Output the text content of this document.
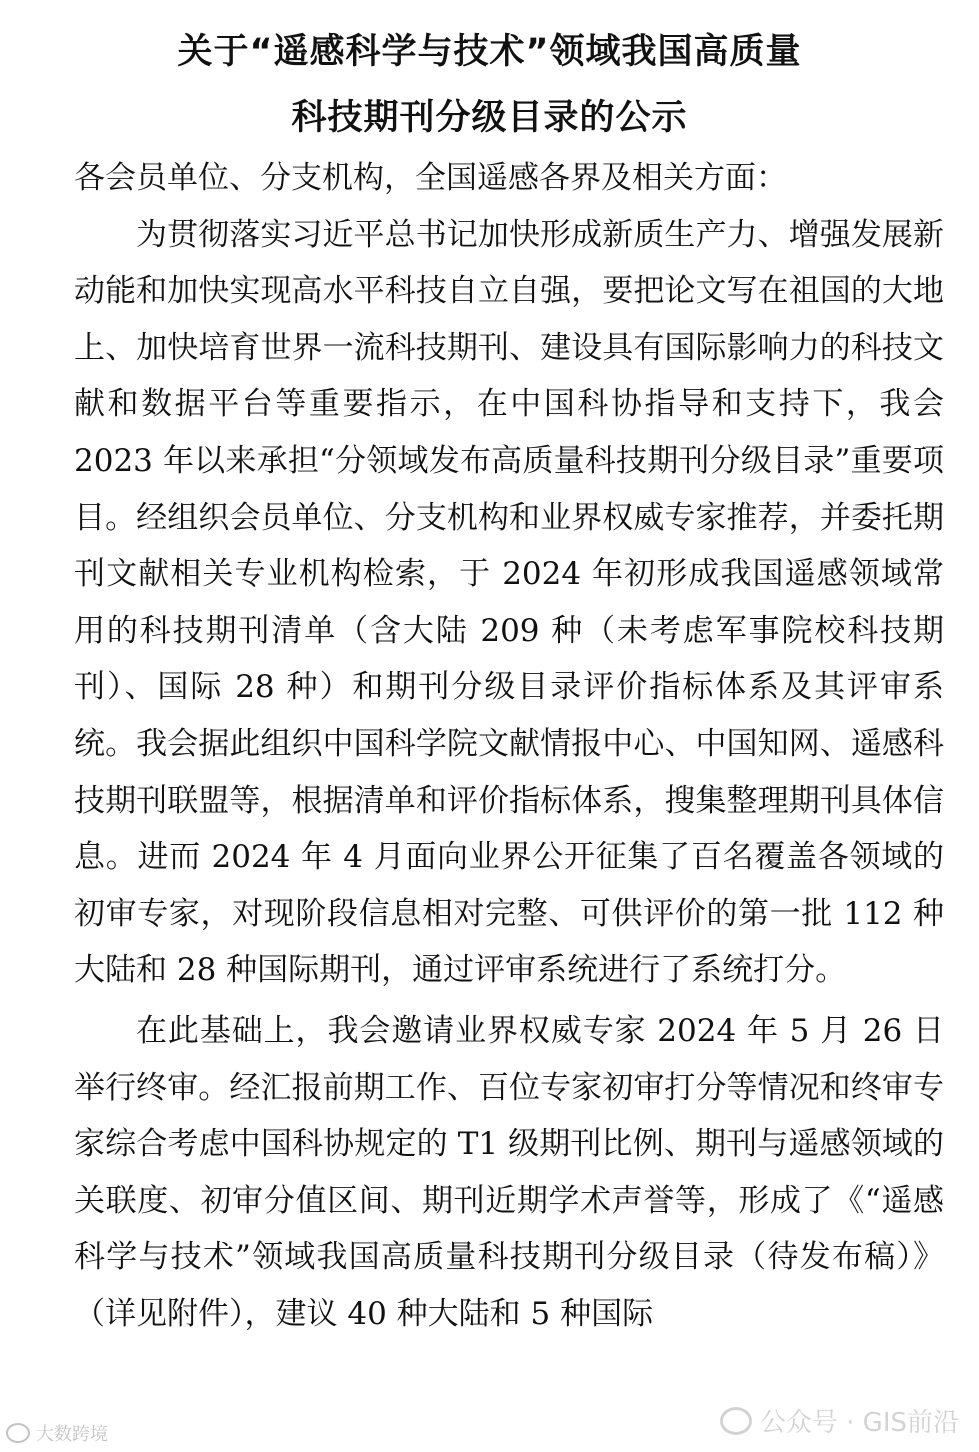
关于“遥感科学与技术”领域我国高质量
科技期刊分级目录的公示

各会员单位、分支机构，全国遥感各界及相关方面：

为贯彻落实习近平总书记加快形成新质生产力、增强发展新动能和加快实现高水平科技自立自强，要把论文写在祖国的大地上、加快培育世界一流科技期刊、建设具有国际影响力的科技文献和数据平台等重要指示，在中国科协指导和支持下，我会 2023 年以来承担“分领域发布高质量科技期刊分级目录”重要项目。经组织会员单位、分支机构和业界权威专家推荐，并委托期刊文献相关专业机构检索，于 2024 年初形成我国遥感领域常用的科技期刊清单（含大陆 209 种（未考虑军事院校科技期刊）、国际 28 种）和期刊分级目录评价指标体系及其评审系统。我会据此组织中国科学院文献情报中心、中国知网、遥感科技期刊联盟等，根据清单和评价指标体系，搜集整理期刊具体信息。进而 2024 年 4 月面向业界公开征集了百名覆盖各领域的初审专家，对现阶段信息相对完整、可供评价的第一批 112 种大陆和 28 种国际期刊，通过评审系统进行了系统打分。

在此基础上，我会邀请业界权威专家 2024 年 5 月 26 日举行终审。经汇报前期工作、百位专家初审打分等情况和终审专家综合考虑中国科协规定的 T1 级期刊比例、期刊与遥感领域的关联度、初审分值区间、期刊近期学术声誉等，形成了《“遥感科学与技术”领域我国高质量科技期刊分级目录（待发布稿）》（详见附件），建议 40 种大陆和 5 种国际

大数跨境	公众号 · GIS前沿
